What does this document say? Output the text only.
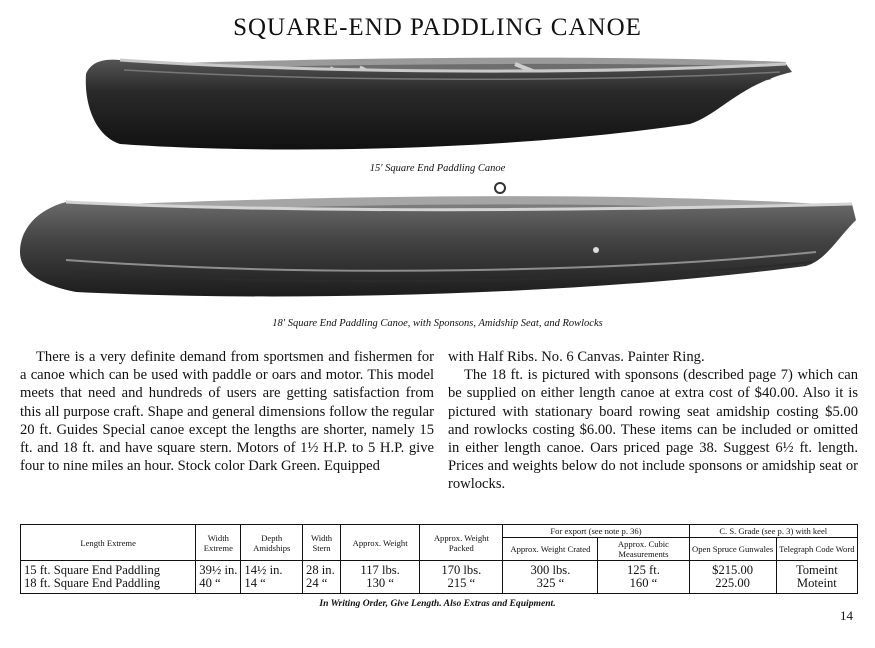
SQUARE-END PADDLING CANOE
15′ Square End Paddling Canoe
18′ Square End Paddling Canoe, with Sponsons, Amidship Seat, and Rowlocks

There is a very definite demand from sportsmen and fishermen for a canoe which can be used with paddle or oars and motor. This model meets that need and hundreds of users are getting satisfaction from this all purpose craft. Shape and general dimensions follow the regular 20 ft. Guides Special canoe except the lengths are shorter, namely 15 ft. and 18 ft. and have square stern. Motors of 1½ H.P. to 5 H.P. give four to nine miles an hour. Stock color Dark Green. Equipped

with Half Ribs. No. 6 Canvas. Painter Ring.

The 18 ft. is pictured with sponsons (described page 7) which can be supplied on either length canoe at extra cost of $40.00. Also it is pictured with stationary board rowing seat amidship costing $5.00 and rowlocks costing $6.00. These items can be included or omitted in either length canoe. Oars priced page 38. Suggest 6½ ft. length. Prices and weights below do not include sponsons or amidship seat or rowlocks.

Length Extreme	Width Extreme	Depth Amidships	Width Stern	Approx. Weight	Approx. Weight Packed	For export (see note p. 36)		C. S. Grade (see p. 3) with keel	
						Approx. Weight Crated	Approx. Cubic Measurements	Open Spruce Gunwales	Telegraph Code Word
15 ft. Square End Paddling	39½ in.	14½ in.	28 in.	117 lbs.	170 lbs.	300 lbs.	125 ft.	$215.00	Tomeint
18 ft. Square End Paddling	40 “	14 “	24 “	130 “	215 “	325 “	160 “	225.00	Moteint
In Writing Order, Give Length. Also Extras and Equipment.
14
